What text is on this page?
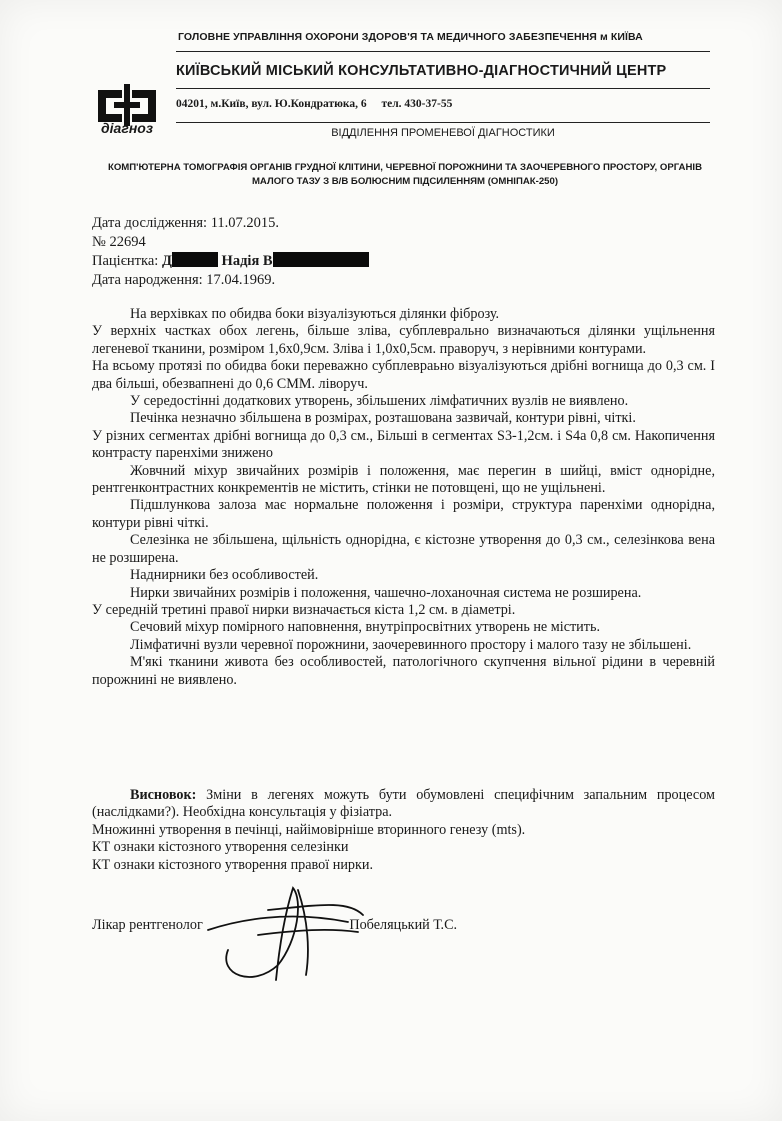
ГОЛОВНЕ УПРАВЛІННЯ ОХОРОНИ ЗДОРОВ'Я ТА МЕДИЧНОГО ЗАБЕЗПЕЧЕННЯ м КИЇВА
КИЇВСЬКИЙ МІСЬКИЙ КОНСУЛЬТАТИВНО-ДІАГНОСТИЧНИЙ ЦЕНТР
04201, м.Київ, вул. Ю.Кондратюка, 6 тел. 430-37-55
ВІДДІЛЕННЯ ПРОМЕНЕВОЇ ДІАГНОСТИКИ
діагноз
КОМП'ЮТЕРНА ТОМОГРАФІЯ ОРГАНІВ ГРУДНОЇ КЛІТИНИ, ЧЕРЕВНОЇ ПОРОЖНИНИ ТА ЗАОЧЕРЕВНОГО ПРОСТОРУ, ОРГАНІВ
МАЛОГО ТАЗУ З В/В БОЛЮСНИМ ПІДСИЛЕННЯМ (ОМНІПАК-250)
Дата дослідження: 11.07.2015.
№ 22694
Пацієнтка: Д	Надія В
Дата народження: 17.04.1969.

На верхівках по обидва боки візуалізуються ділянки фіброзу.

У верхніх частках обох легень, більше зліва, субплеврально визначаються ділянки ущільнення легеневої тканини, розміром 1,6х0,9см. Зліва і 1,0х0,5см. праворуч, з нерівними контурами.

На всьому протязі по обидва боки переважно субплевраьно візуалізуються дрібні вогнища до 0,3 см. І два більші, обезвапнені до 0,6 СММ. ліворуч.

У середостінні додаткових утворень, збільшених лімфатичних вузлів не виявлено.

Печінка незначно збільшена в розмірах, розташована зазвичай, контури рівні, чіткі.

У різних сегментах дрібні вогнища до 0,3 см., Більші в сегментах S3-1,2см. і S4а 0,8 см. Накопичення контрасту паренхіми знижено

Жовчний міхур звичайних розмірів і положення, має перегин в шийці, вміст однорідне, рентгенконтрастних конкрементів не містить, стінки не потовщені, що не ущільнені.

Підшлункова залоза має нормальне положення і розміри, структура паренхіми однорідна, контури рівні чіткі.

Селезінка не збільшена, щільність однорідна, є кістозне утворення до 0,3 см., селезінкова вена не розширена.

Наднирники без особливостей.

Нирки звичайних розмірів і положення, чашечно-лоханочная система не розширена.

У середній третині правої нирки визначається кіста 1,2 см. в діаметрі.

Сечовий міхур помірного наповнення, внутріпросвітних утворень не містить.

Лімфатичні вузли черевної порожнини, заочеревинного простору і малого тазу не збільшені.

М'які тканини живота без особливостей, патологічного скупчення вільної рідини в черевній порожнині не виявлено.

Висновок: Зміни в легенях можуть бути обумовлені специфічним запальним процесом (наслідками?). Необхідна консультація у фізіатра.

Множинні утворення в печінці, найімовірніше вторинного генезу (mts).

КТ ознаки кістозного утворення селезінки

КТ ознаки кістозного утворення правої нирки.

Лікар рентгенолог	Побеляцький Т.С.
